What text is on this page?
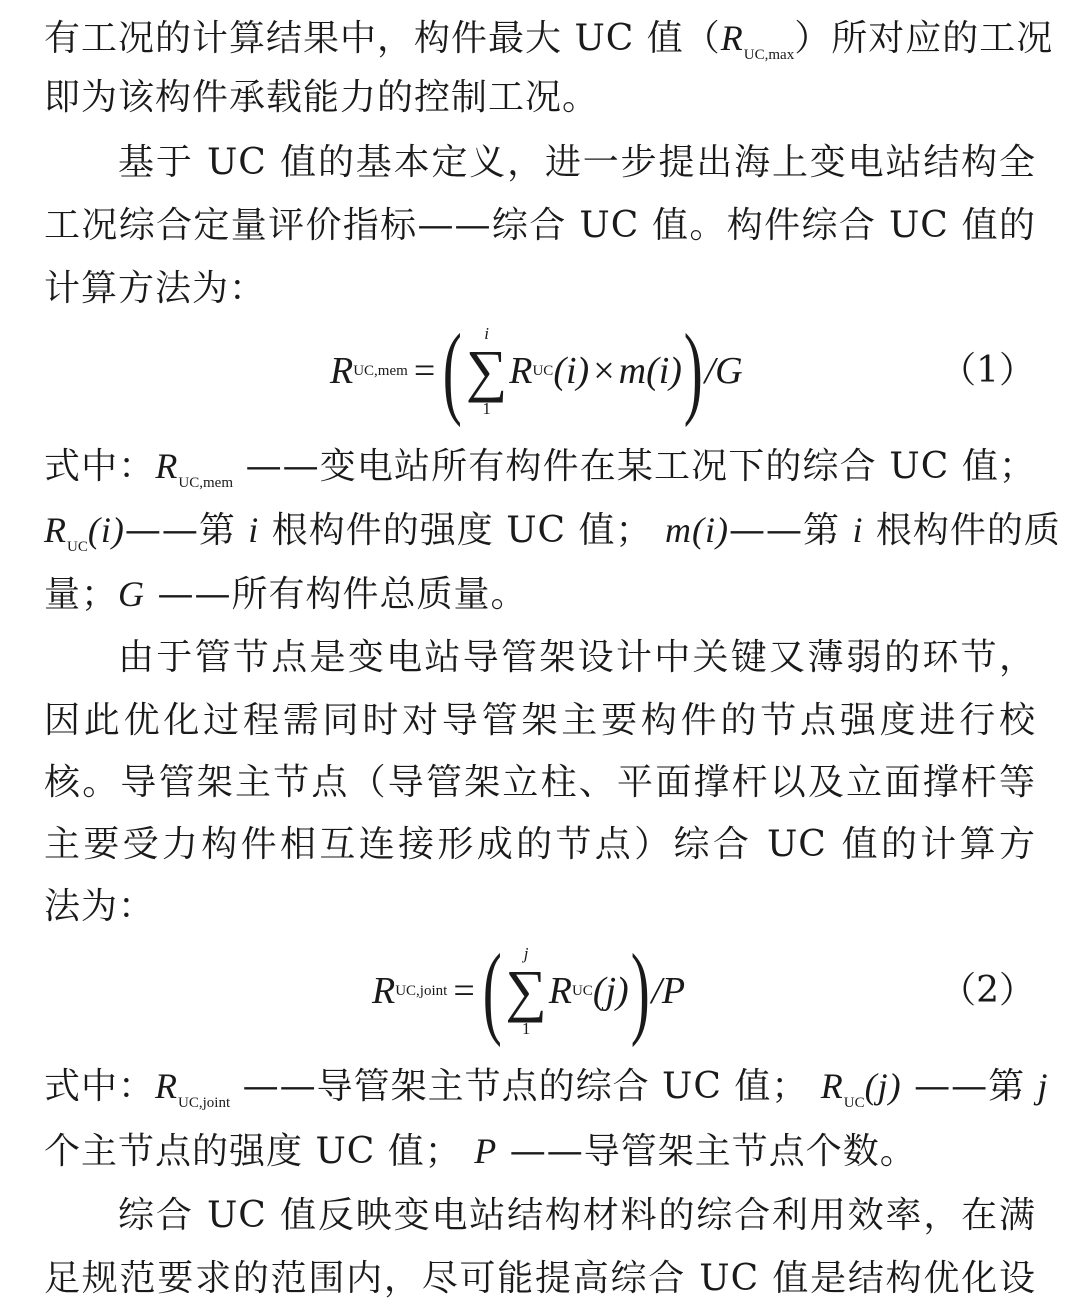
有工况的计算结果中，构件最大 UC 值$(R_{UC,max})$所对应的工况
即为该构件承载能力的控制工况。
基于 UC 值的基本定义，进一步提出海上变电站结构全
工况综合定量评价指标——综合 UC 值。构件综合 UC 值的
计算方法为：
R UC,mem = ( i
∑
1
R UC (i) × m(i) ) /G	（1）
式中：$R_{UC,mem}$ ——变电站所有构件在某工况下的综合 UC 值；
$R_{UC}(i)——$第 i 根构件的强度 UC 值； m(i)——第 i 根构件的质
量；G ——所有构件总质量。
由于管节点是变电站导管架设计中关键又薄弱的环节，
因此优化过程需同时对导管架主要构件的节点强度进行校
核。导管架主节点（导管架立柱、平面撑杆以及立面撑杆等
主要受力构件相互连接形成的节点）综合 UC 值的计算方
法为：
R UC,joint = ( j
∑
1
R UC (j) ) /P	（2）
式中：$R_{UC,joint}$ ——导管架主节点的综合 UC 值； $R_{UC}(j)$ ——第 j
个主节点的强度 UC 值； P ——导管架主节点个数。
综合 UC 值反映变电站结构材料的综合利用效率，在满
足规范要求的范围内，尽可能提高综合 UC 值是结构优化设
